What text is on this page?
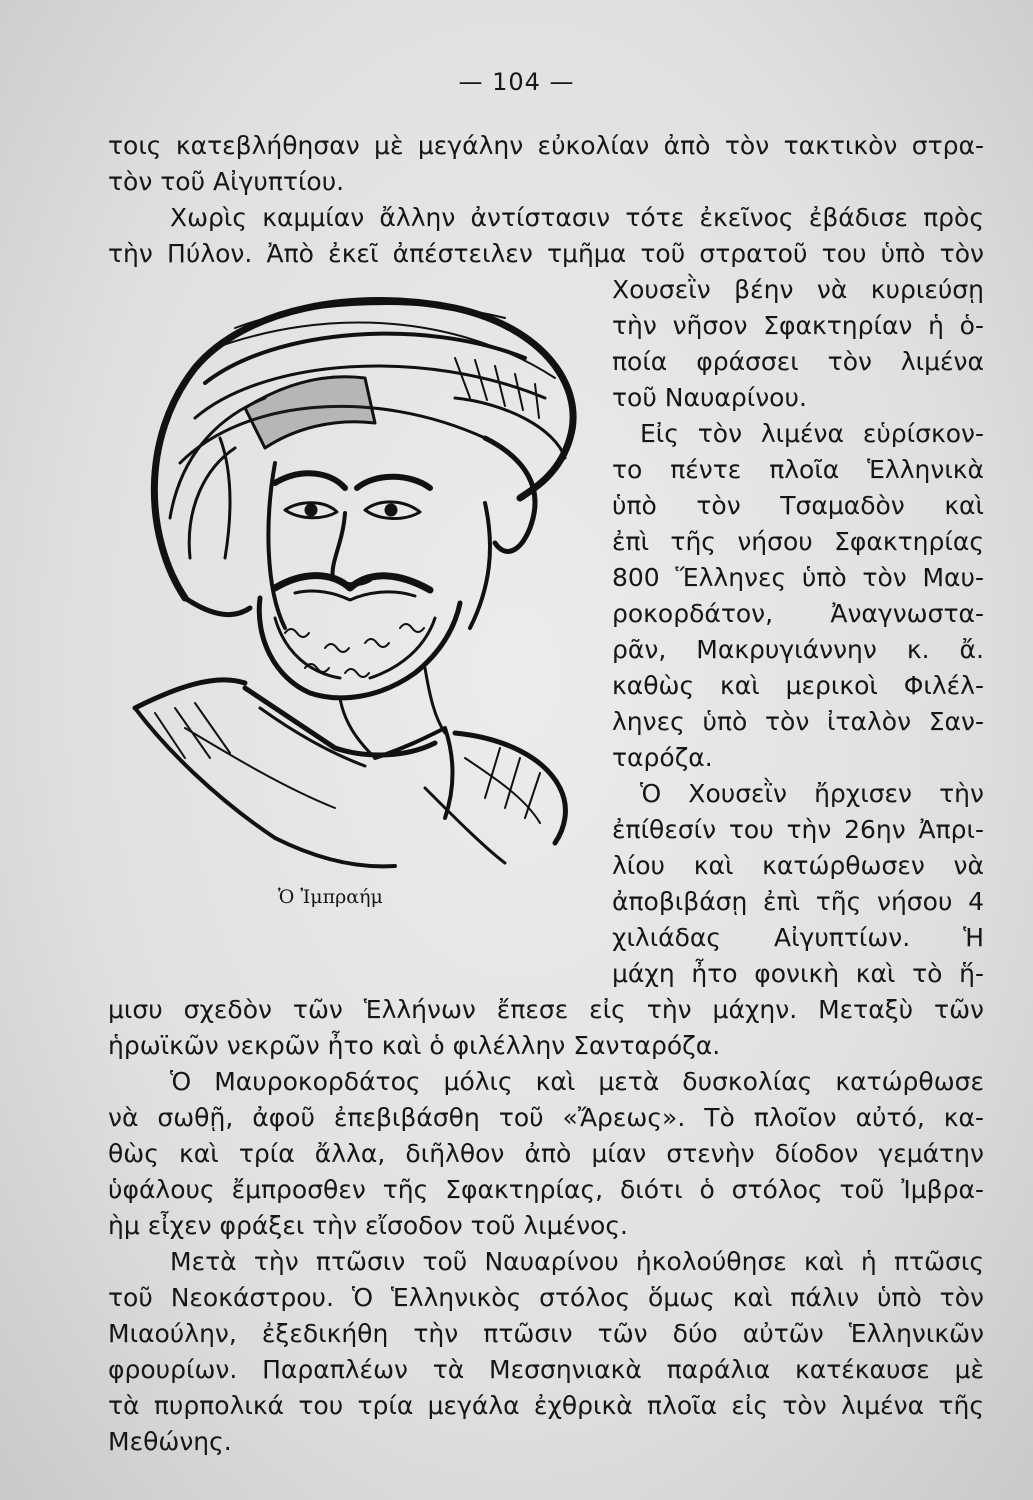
— 104 —
τοις κατεβλήθησαν μὲ μεγάλην εὐκολίαν ἀπὸ τὸν τακτικὸν στρα-
τὸν τοῦ Αἰγυπτίου.
Χωρὶς καμμίαν ἄλλην ἀντίστασιν τότε ἐκεῖνος ἐβάδισε πρὸς
τὴν Πύλον. Ἀπὸ ἐκεῖ ἀπέστειλεν τμῆμα τοῦ στρατοῦ του ὑπὸ τὸν
Χουσεῒν βέην νὰ κυριεύσῃ
τὴν νῆσον Σφακτηρίαν ἡ ὁ-
ποία φράσσει τὸν λιμένα
τοῦ Ναυαρίνου.
Εἰς τὸν λιμένα εὑρίσκον-
το πέντε πλοῖα Ἑλληνικὰ
ὑπὸ τὸν Τσαμαδὸν καὶ
ἐπὶ τῆς νήσου Σφακτηρίας
800 Ἕλληνες ὑπὸ τὸν Μαυ-
ροκορδάτον, Ἀναγνωστα-
ρᾶν, Μακρυγιάννην κ. ἄ.
καθὼς καὶ μερικοὶ Φιλέλ-
ληνες ὑπὸ τὸν ἰταλὸν Σαν-
ταρόζα.
Ὁ Χουσεῒν ἤρχισεν τὴν
ἐπίθεσίν του τὴν 26ην Ἀπρι-
λίου καὶ κατώρθωσεν νὰ
ἀποβιβάσῃ ἐπὶ τῆς νήσου 4
χιλιάδας Αἰγυπτίων. Ἡ
μάχη ἦτο φονικὴ καὶ τὸ ἥ-
μισυ σχεδὸν τῶν Ἑλλήνων ἔπεσε εἰς τὴν μάχην. Μεταξὺ τῶν
ἡρωϊκῶν νεκρῶν ἦτο καὶ ὁ φιλέλλην Σανταρόζα.
Ὁ Μαυροκορδάτος μόλις καὶ μετὰ δυσκολίας κατώρθωσε
νὰ σωθῇ, ἀφοῦ ἐπεβιβάσθη τοῦ «Ἄρεως». Τὸ πλοῖον αὐτό, κα-
θὼς καὶ τρία ἄλλα, διῆλθον ἀπὸ μίαν στενὴν δίοδον γεμάτην
ὑφάλους ἔμπροσθεν τῆς Σφακτηρίας, διότι ὁ στόλος τοῦ Ἰμβρα-
ὴμ εἶχεν φράξει τὴν εἴσοδον τοῦ λιμένος.
Μετὰ τὴν πτῶσιν τοῦ Ναυαρίνου ἠκολούθησε καὶ ἡ πτῶσις
τοῦ Νεοκάστρου. Ὁ Ἑλληνικὸς στόλος ὅμως καὶ πάλιν ὑπὸ τὸν
Μιαούλην, ἐξεδικήθη τὴν πτῶσιν τῶν δύο αὐτῶν Ἑλληνικῶν
φρουρίων. Παραπλέων τὰ Μεσσηνιακὰ παράλια κατέκαυσε μὲ
τὰ πυρπολικά του τρία μεγάλα ἐχθρικὰ πλοῖα εἰς τὸν λιμένα τῆς
Μεθώνης.
Ὁ Ἰμπραήμ
